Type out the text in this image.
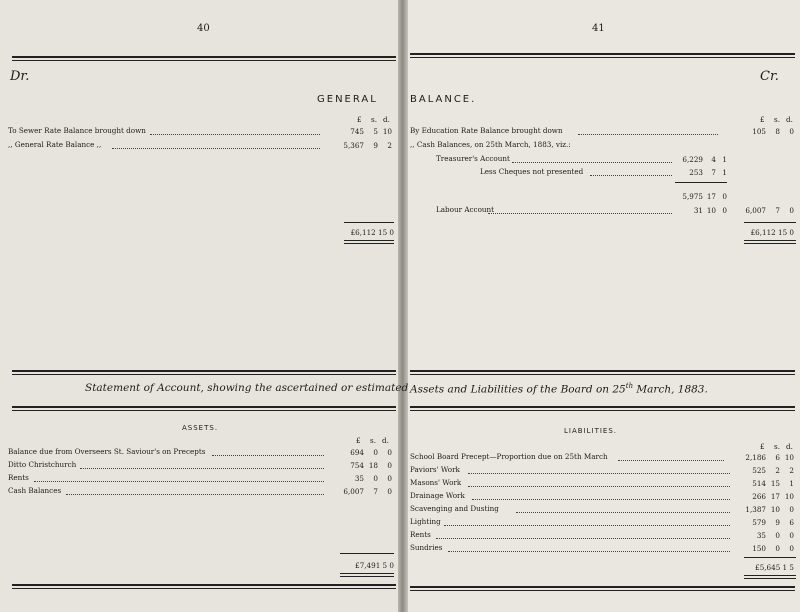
40	41
Dr.	Cr.
GENERAL	BALANCE.
£ s. d.
To Sewer Rate Balance brought down	745	5 10
,, General Rate Balance ,,	5,367	9	2
£6,112 15 0
£ s. d.
By Education Rate Balance brought down	105	8	0
,, Cash Balances, on 25th March, 1883, viz.:
Treasurer's Account	6,229	4 1
Less Cheques not presented	253	7 1
5,975 17 0
Labour Account	31 10 0	6,007	7	0
£6,112 15 0
Statement of Account, showing the ascertained or estimated Assets and Liabilities of the Board on 25th March, 1883.
ASSETS.
£ s. d.
Balance due from Overseers St. Saviour's on Precepts	694	0	0
Ditto Christchurch	754 18	0
Rents	35	0	0
Cash Balances	6,007	7	0
£7,491 5 0
LIABILITIES.
£ s. d.
School Board Precept—Proportion due on 25th March	2,186	6 10
Paviors' Work	525	2	2
Masons' Work	514 15	1
Drainage Work	266 17 10
Scavenging and Dusting	1,387 10	0
Lighting	579	9	6
Rents	35	0	0
Sundries	150	0	0
£5,645 1 5
